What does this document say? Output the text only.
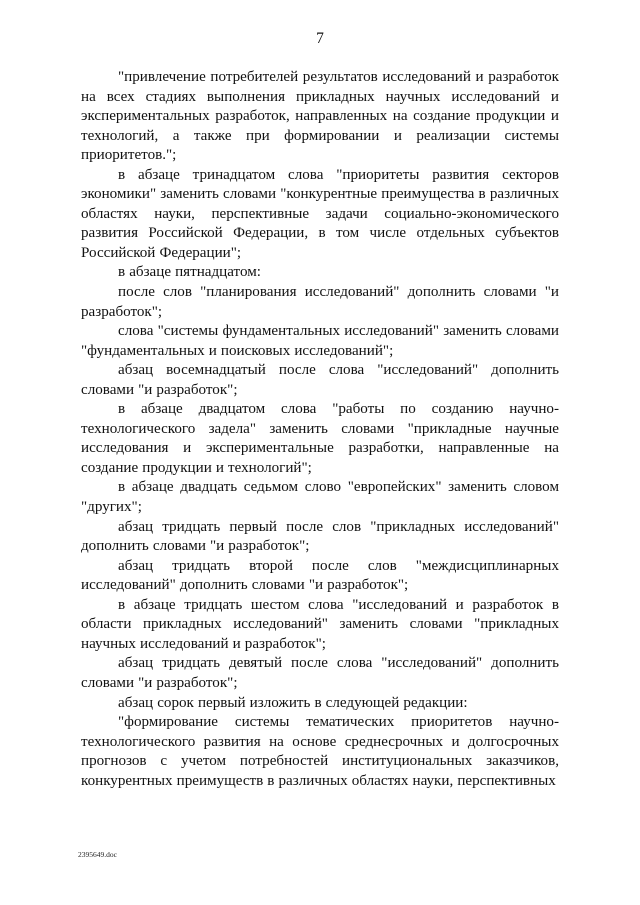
7

"привлечение потребителей результатов исследований и разработок на всех стадиях выполнения прикладных научных исследований и экспериментальных разработок, направленных на создание продукции и технологий, а также при формировании и реализации системы приоритетов.";

в абзаце тринадцатом слова "приоритеты развития секторов экономики" заменить словами "конкурентные преимущества в различных областях науки, перспективные задачи социально-экономического развития Российской Федерации, в том числе отдельных субъектов Российской Федерации";

в абзаце пятнадцатом:

после слов "планирования исследований" дополнить словами "и разработок";

слова "системы фундаментальных исследований" заменить словами "фундаментальных и поисковых исследований";

абзац восемнадцатый после слова "исследований" дополнить словами "и разработок";

в абзаце двадцатом слова "работы по созданию научно-технологического задела" заменить словами "прикладные научные исследования и экспериментальные разработки, направленные на создание продукции и технологий";

в абзаце двадцать седьмом слово "европейских" заменить словом "других";

абзац тридцать первый после слов "прикладных исследований" дополнить словами "и разработок";

абзац тридцать второй после слов "междисциплинарных исследований" дополнить словами "и разработок";

в абзаце тридцать шестом слова "исследований и разработок в области прикладных исследований" заменить словами "прикладных научных исследований и разработок";

абзац тридцать девятый после слова "исследований" дополнить словами "и разработок";

абзац сорок первый изложить в следующей редакции:

"формирование системы тематических приоритетов научно-технологического развития на основе среднесрочных и долгосрочных прогнозов с учетом потребностей институциональных заказчиков, конкурентных преимуществ в различных областях науки, перспективных

2395649.doc
